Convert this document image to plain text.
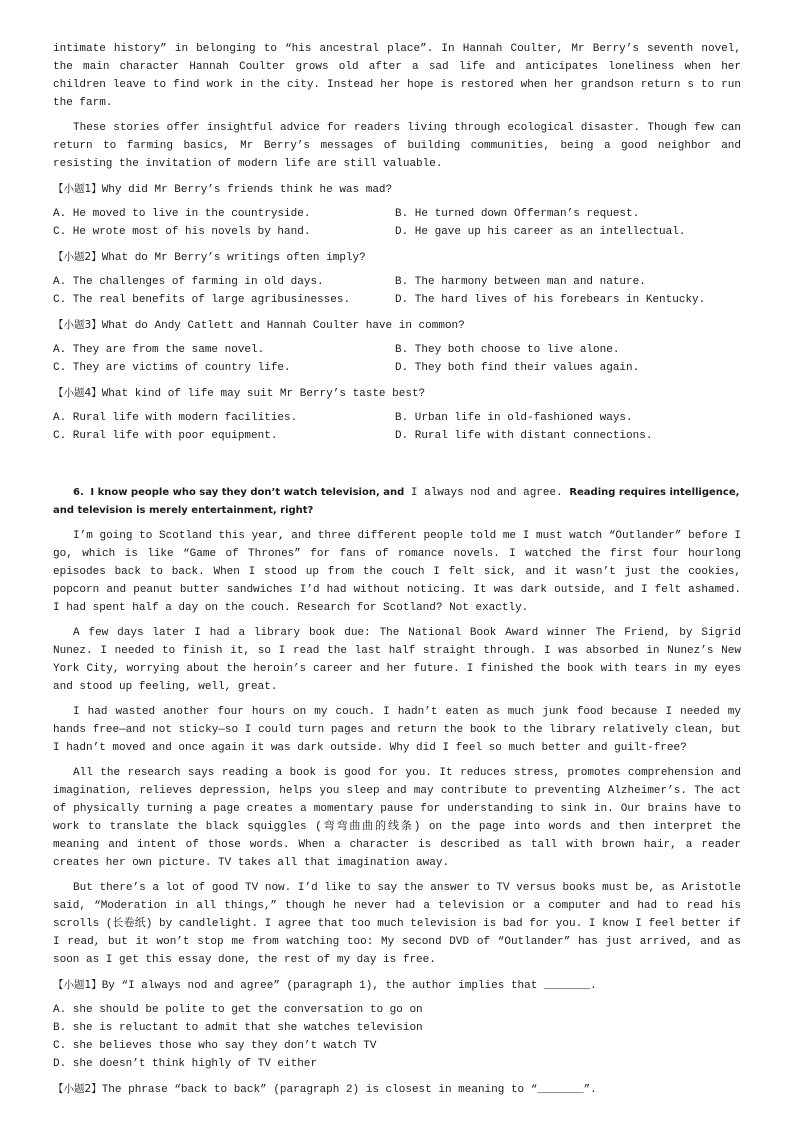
intimate history” in belonging to “his ancestral place”. In Hannah Coulter, Mr Berry’s seventh novel, the main character Hannah Coulter grows old after a sad life and anticipates loneliness when her children leave to find work in the city. Instead her hope is restored when her grandson return s to run the farm.

These stories offer insightful advice for readers living through ecological disaster. Though few can return to farming basics, Mr Berry’s messages of building communities, being a good neighbor and resisting the invitation of modern life are still valuable.

【小题1】Why did Mr Berry’s friends think he was mad?
A. He moved to live in the countryside.	B. He turned down Offerman’s request.
C. He wrote most of his novels by hand.	D. He gave up his career as an intellectual.
【小题2】What do Mr Berry’s writings often imply?
A. The challenges of farming in old days.	B. The harmony between man and nature.
C. The real benefits of large agribusinesses.	D. The hard lives of his forebears in Kentucky.
【小题3】What do Andy Catlett and Hannah Coulter have in common?
A. They are from the same novel.	B. They both choose to live alone.
C. They are victims of country life.	D. They both find their values again.
【小题4】What kind of life may suit Mr Berry’s taste best?
A. Rural life with modern facilities.	B. Urban life in old-fashioned ways.
C. Rural life with poor equipment.	D. Rural life with distant connections.
6. I know people who say they don’t watch television, and I always nod and agree. Reading requires intelligence, and television is merely entertainment, right?

I’m going to Scotland this year, and three different people told me I must watch “Outlander” before I go, which is like “Game of Thrones” for fans of romance novels. I watched the first four hourlong episodes back to back. When I stood up from the couch I felt sick, and it wasn’t just the cookies, popcorn and peanut butter sandwiches I’d had without noticing. It was dark outside, and I felt ashamed. I had spent half a day on the couch. Research for Scotland? Not exactly.

A few days later I had a library book due: The National Book Award winner The Friend, by Sigrid Nunez. I needed to finish it, so I read the last half straight through. I was absorbed in Nunez’s New York City, worrying about the heroin’s career and her future. I finished the book with tears in my eyes and stood up feeling, well, great.

I had wasted another four hours on my couch. I hadn’t eaten as much junk food because I needed my hands free—and not sticky—so I could turn pages and return the book to the library relatively clean, but I hadn’t moved and once again it was dark outside. Why did I feel so much better and guilt-free?

All the research says reading a book is good for you. It reduces stress, promotes comprehension and imagination, relieves depression, helps you sleep and may contribute to preventing Alzheimer’s. The act of physically turning a page creates a momentary pause for understanding to sink in. Our brains have to work to translate the black squiggles (弯弯曲曲的线条) on the page into words and then interpret the meaning and intent of those words. When a character is described as tall with brown hair, a reader creates her own picture. TV takes all that imagination away.

But there’s a lot of good TV now. I’d like to say the answer to TV versus books must be, as Aristotle said, “Moderation in all things,” though he never had a television or a computer and had to read his scrolls (长卷纸) by candlelight. I agree that too much television is bad for you. I know I feel better if I read, but it won’t stop me from watching too: My second DVD of “Outlander” has just arrived, and as soon as I get this essay done, the rest of my day is free.

【小题1】By “I always nod and agree” (paragraph 1), the author implies that _______.
A. she should be polite to get the conversation to go on
B. she is reluctant to admit that she watches television
C. she believes those who say they don’t watch TV
D. she doesn’t think highly of TV either
【小题2】The phrase “back to back” (paragraph 2) is closest in meaning to “_______”.
